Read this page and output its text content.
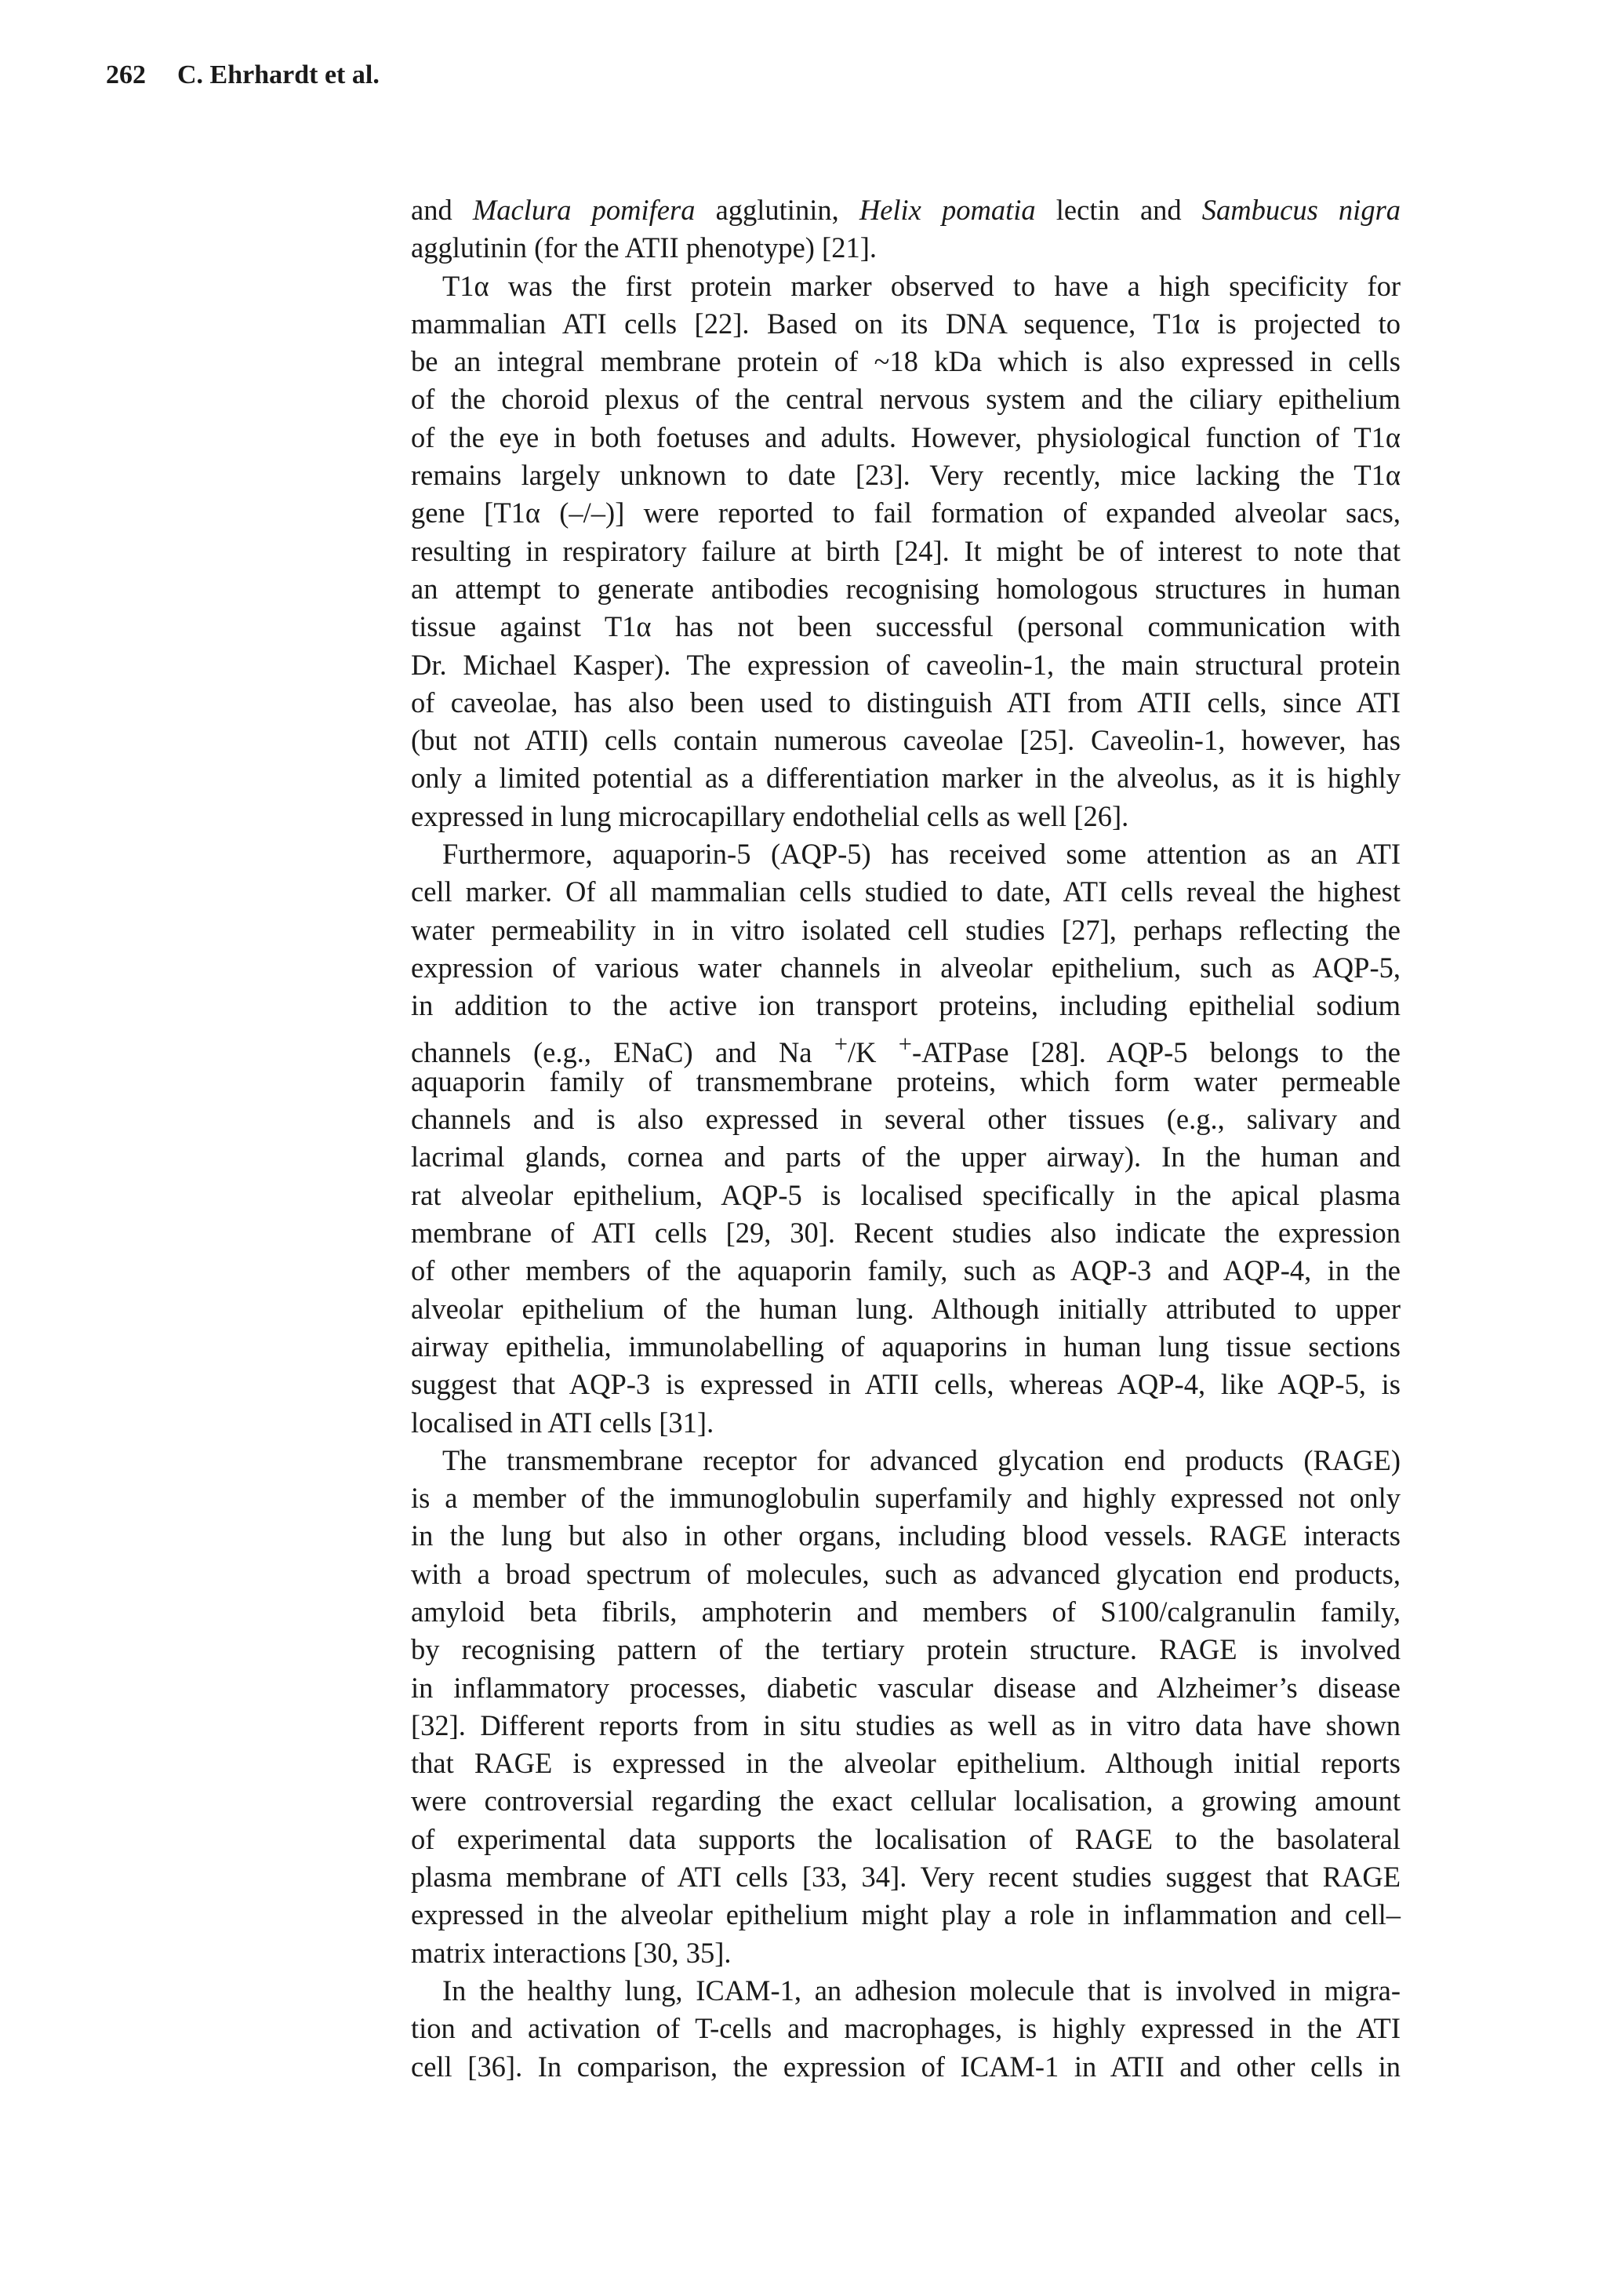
262 C. Ehrhardt et al.
and Maclura pomifera agglutinin, Helix pomatia lectin and Sambucus nigra
agglutinin (for the ATII phenotype) [21].
T1α was the first protein marker observed to have a high specificity for
mammalian ATI cells [22]. Based on its DNA sequence, T1α is projected to
be an integral membrane protein of ~18 kDa which is also expressed in cells
of the choroid plexus of the central nervous system and the ciliary epithelium
of the eye in both foetuses and adults. However, physiological function of T1α
remains largely unknown to date [23]. Very recently, mice lacking the T1α
gene [T1α (–/–)] were reported to fail formation of expanded alveolar sacs,
resulting in respiratory failure at birth [24]. It might be of interest to note that
an attempt to generate antibodies recognising homologous structures in human
tissue against T1α has not been successful (personal communication with
Dr. Michael Kasper). The expression of caveolin-1, the main structural protein
of caveolae, has also been used to distinguish ATI from ATII cells, since ATI
(but not ATII) cells contain numerous caveolae [25]. Caveolin-1, however, has
only a limited potential as a differentiation marker in the alveolus, as it is highly
expressed in lung microcapillary endothelial cells as well [26].
Furthermore, aquaporin-5 (AQP-5) has received some attention as an ATI
cell marker. Of all mammalian cells studied to date, ATI cells reveal the highest
water permeability in in vitro isolated cell studies [27], perhaps reflecting the
expression of various water channels in alveolar epithelium, such as AQP-5,
in addition to the active ion transport proteins, including epithelial sodium
channels (e.g., ENaC) and Na +/K +-ATPase [28]. AQP-5 belongs to the
aquaporin family of transmembrane proteins, which form water permeable
channels and is also expressed in several other tissues (e.g., salivary and
lacrimal glands, cornea and parts of the upper airway). In the human and
rat alveolar epithelium, AQP-5 is localised specifically in the apical plasma
membrane of ATI cells [29, 30]. Recent studies also indicate the expression
of other members of the aquaporin family, such as AQP-3 and AQP-4, in the
alveolar epithelium of the human lung. Although initially attributed to upper
airway epithelia, immunolabelling of aquaporins in human lung tissue sections
suggest that AQP-3 is expressed in ATII cells, whereas AQP-4, like AQP-5, is
localised in ATI cells [31].
The transmembrane receptor for advanced glycation end products (RAGE)
is a member of the immunoglobulin superfamily and highly expressed not only
in the lung but also in other organs, including blood vessels. RAGE interacts
with a broad spectrum of molecules, such as advanced glycation end products,
amyloid beta fibrils, amphoterin and members of S100/calgranulin family,
by recognising pattern of the tertiary protein structure. RAGE is involved
in inflammatory processes, diabetic vascular disease and Alzheimer’s disease
[32]. Different reports from in situ studies as well as in vitro data have shown
that RAGE is expressed in the alveolar epithelium. Although initial reports
were controversial regarding the exact cellular localisation, a growing amount
of experimental data supports the localisation of RAGE to the basolateral
plasma membrane of ATI cells [33, 34]. Very recent studies suggest that RAGE
expressed in the alveolar epithelium might play a role in inflammation and cell–
matrix interactions [30, 35].
In the healthy lung, ICAM-1, an adhesion molecule that is involved in migra-
tion and activation of T-cells and macrophages, is highly expressed in the ATI
cell [36]. In comparison, the expression of ICAM-1 in ATII and other cells in
